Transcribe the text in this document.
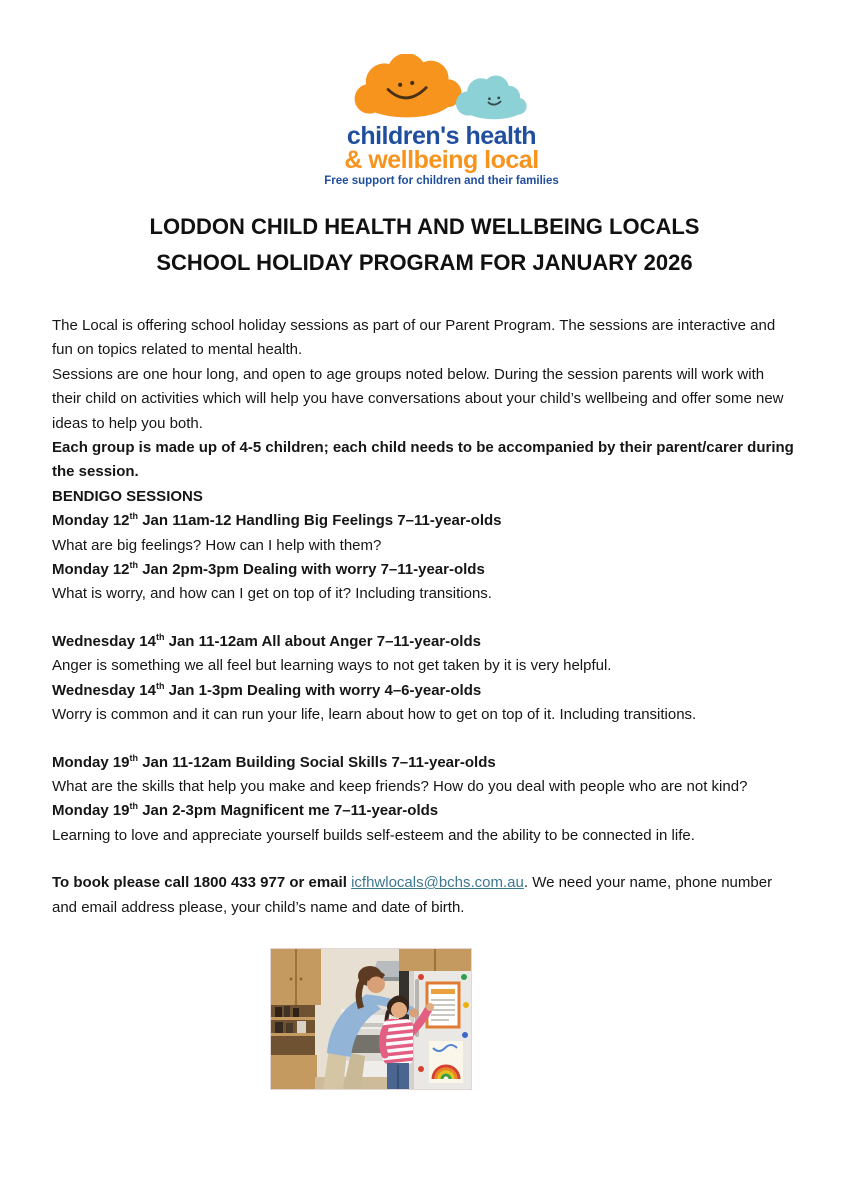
children's health
& wellbeing local
Free support for children and their families
LODDON CHILD HEALTH AND WELLBEING LOCALS
SCHOOL HOLIDAY PROGRAM FOR JANUARY 2026

The Local is offering school holiday sessions as part of our Parent Program. The sessions are interactive and fun on topics related to mental health.

Sessions are one hour long, and open to age groups noted below. During the session parents will work with their child on activities which will help you have conversations about your child’s wellbeing and offer some new ideas to help you both.

Each group is made up of 4-5 children; each child needs to be accompanied by their parent/carer during the session.

BENDIGO SESSIONS

Monday 12th Jan 11am-12 Handling Big Feelings 7–11-year-olds

What are big feelings? How can I help with them?

Monday 12th Jan 2pm-3pm Dealing with worry 7–11-year-olds

What is worry, and how can I get on top of it? Including transitions.

Wednesday 14th Jan 11-12am All about Anger 7–11-year-olds

Anger is something we all feel but learning ways to not get taken by it is very helpful.

Wednesday 14th Jan 1-3pm Dealing with worry 4–6-year-olds

Worry is common and it can run your life, learn about how to get on top of it. Including transitions.

Monday 19th Jan 11-12am Building Social Skills 7–11-year-olds

What are the skills that help you make and keep friends? How do you deal with people who are not kind?

Monday 19th Jan 2-3pm Magnificent me 7–11-year-olds

Learning to love and appreciate yourself builds self-esteem and the ability to be connected in life.

To book please call 1800 433 977 or email icfhwlocals@bchs.com.au. We need your name, phone number and email address please, your child’s name and date of birth.
